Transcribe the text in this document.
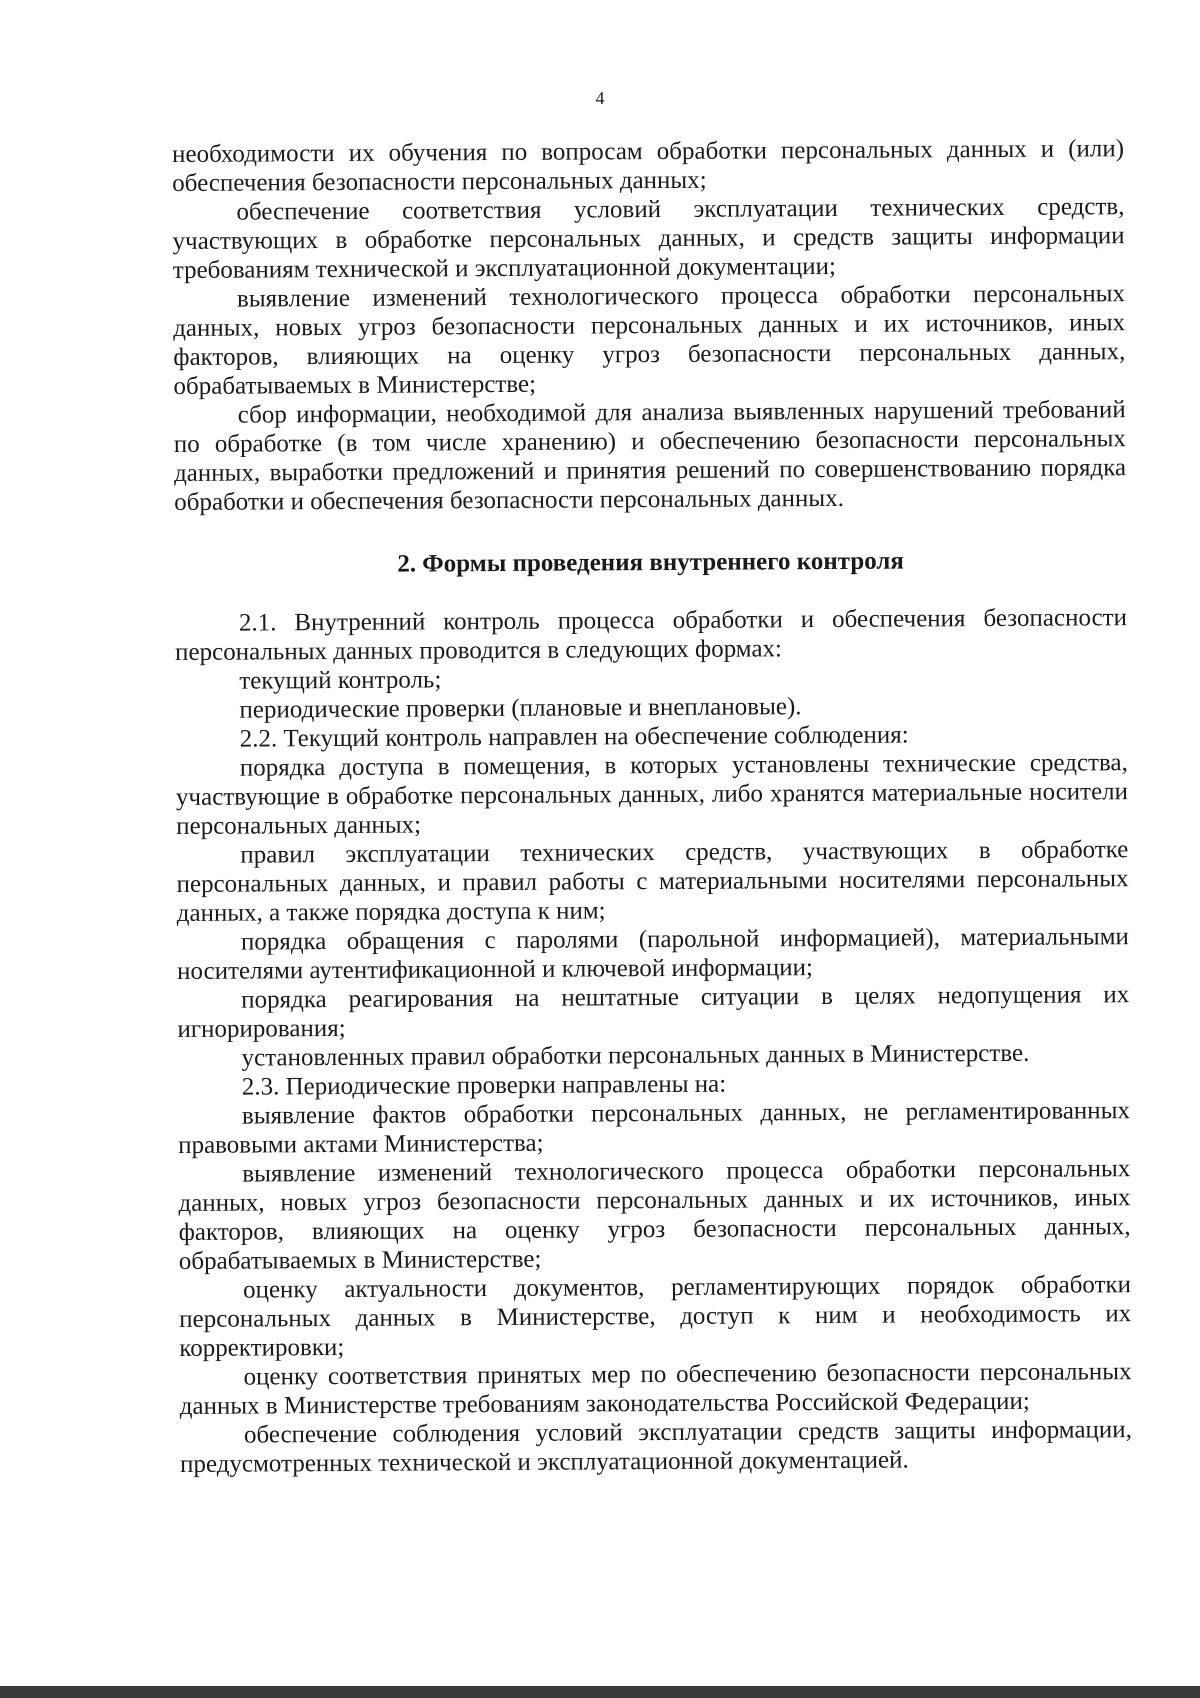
4

необходимости их обучения по вопросам обработки персональных данных и (или) обеспечения безопасности персональных данных;

обеспечение соответствия условий эксплуатации технических средств, участвующих в обработке персональных данных, и средств защиты информации требованиям технической и эксплуатационной документации;

выявление изменений технологического процесса обработки персональных данных, новых угроз безопасности персональных данных и их источников, иных факторов, влияющих на оценку угроз безопасности персональных данных, обрабатываемых в Министерстве;

сбор информации, необходимой для анализа выявленных нарушений требований по обработке (в том числе хранению) и обеспечению безопасности персональных данных, выработки предложений и принятия решений по совершенствованию порядка обработки и обеспечения безопасности персональных данных.

2. Формы проведения внутреннего контроля

2.1. Внутренний контроль процесса обработки и обеспечения безопасности персональных данных проводится в следующих формах:

текущий контроль;

периодические проверки (плановые и внеплановые).

2.2. Текущий контроль направлен на обеспечение соблюдения:

порядка доступа в помещения, в которых установлены технические средства, участвующие в обработке персональных данных, либо хранятся материальные носители персональных данных;

правил эксплуатации технических средств, участвующих в обработке персональных данных, и правил работы с материальными носителями персональных данных, а также порядка доступа к ним;

порядка обращения с паролями (парольной информацией), материальными носителями аутентификационной и ключевой информации;

порядка реагирования на нештатные ситуации в целях недопущения их игнорирования;

установленных правил обработки персональных данных в Министерстве.

2.3. Периодические проверки направлены на:

выявление фактов обработки персональных данных, не регламентированных правовыми актами Министерства;

выявление изменений технологического процесса обработки персональных данных, новых угроз безопасности персональных данных и их источников, иных факторов, влияющих на оценку угроз безопасности персональных данных, обрабатываемых в Министерстве;

оценку актуальности документов, регламентирующих порядок обработки персональных данных в Министерстве, доступ к ним и необходимость их корректировки;

оценку соответствия принятых мер по обеспечению безопасности персональных данных в Министерстве требованиям законодательства Российской Федерации;

обеспечение соблюдения условий эксплуатации средств защиты информации, предусмотренных технической и эксплуатационной документацией.
